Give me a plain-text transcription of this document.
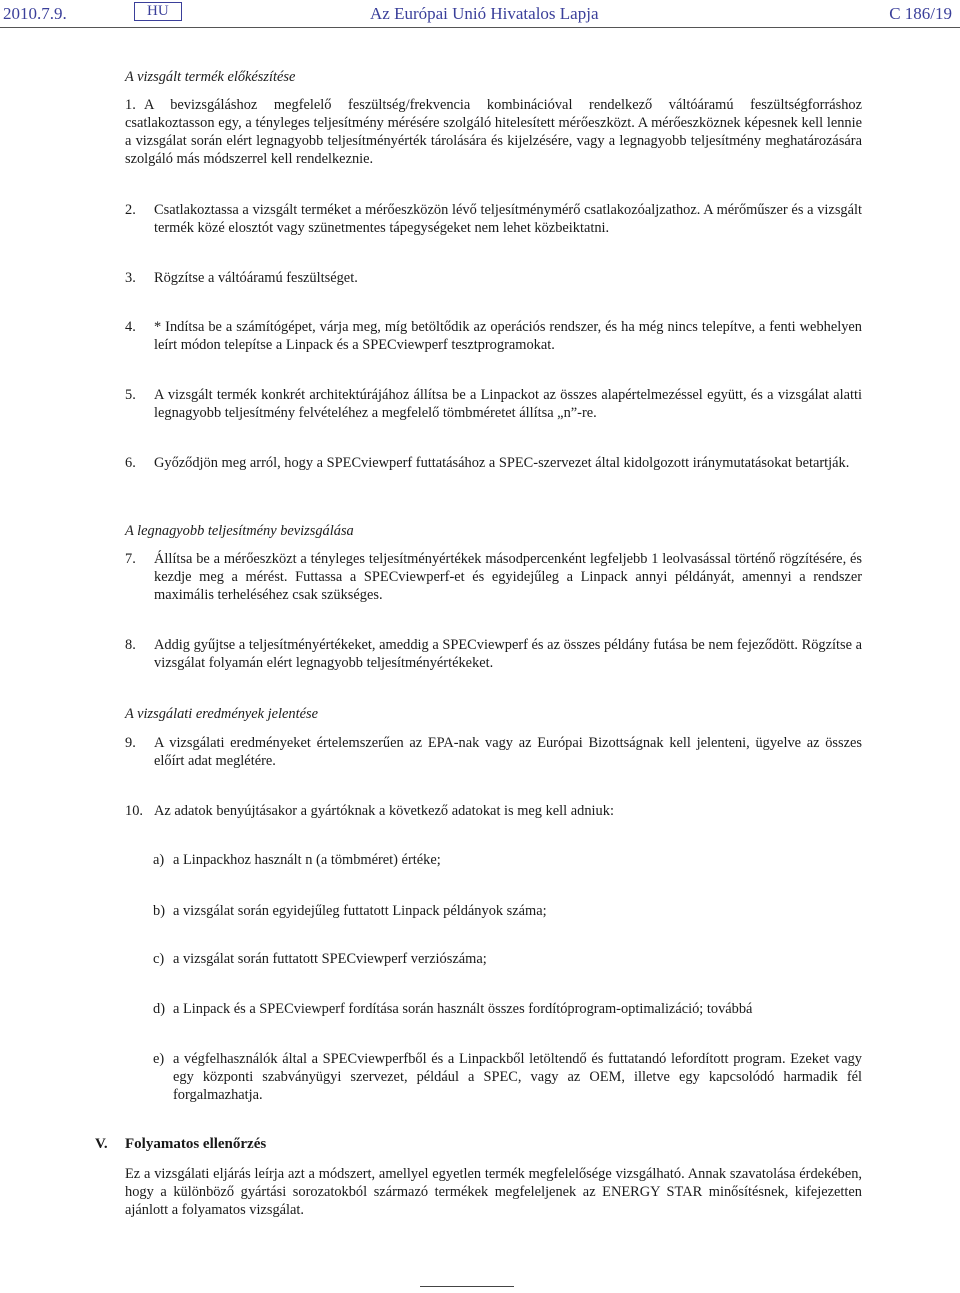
2010.7.9.	HU	Az Európai Unió Hivatalos Lapja	C 186/19
A vizsgált termék előkészítése
1. A bevizsgáláshoz megfelelő feszültség/frekvencia kombinációval rendelkező váltóáramú feszültségforráshoz csatlakoztasson egy, a tényleges teljesítmény mérésére szolgáló hitelesített mérőeszközt. A mérőeszköznek képesnek kell lennie a vizsgálat során elért legnagyobb teljesítményérték tárolására és kijelzésére, vagy a legnagyobb teljesítmény meghatározására szolgáló más módszerrel kell rendelkeznie.
2. Csatlakoztassa a vizsgált terméket a mérőeszközön lévő teljesítménymérő csatlakozóaljzathoz. A mérőműszer és a vizsgált termék közé elosztót vagy szünetmentes tápegységeket nem lehet közbeiktatni.
3. Rögzítse a váltóáramú feszültséget.
4. * Indítsa be a számítógépet, várja meg, míg betöltődik az operációs rendszer, és ha még nincs telepítve, a fenti webhelyen leírt módon telepítse a Linpack és a SPECviewperf tesztprogramokat.
5. A vizsgált termék konkrét architektúrájához állítsa be a Linpackot az összes alapértelmezéssel együtt, és a vizsgálat alatti legnagyobb teljesítmény felvételéhez a megfelelő tömbméretet állítsa „n”-re.
6. Győződjön meg arról, hogy a SPECviewperf futtatásához a SPEC-szervezet által kidolgozott iránymutatásokat betartják.
A legnagyobb teljesítmény bevizsgálása
7. Állítsa be a mérőeszközt a tényleges teljesítményértékek másodpercenként legfeljebb 1 leolvasással történő rögzítésére, és kezdje meg a mérést. Futtassa a SPECviewperf-et és egyidejűleg a Linpack annyi példányát, amennyi a rendszer maximális terheléséhez csak szükséges.
8. Addig gyűjtse a teljesítményértékeket, ameddig a SPECviewperf és az összes példány futása be nem fejeződött. Rögzítse a vizsgálat folyamán elért legnagyobb teljesítményértékeket.
A vizsgálati eredmények jelentése
9. A vizsgálati eredményeket értelemszerűen az EPA-nak vagy az Európai Bizottságnak kell jelenteni, ügyelve az összes előírt adat meglétére.
10. Az adatok benyújtásakor a gyártóknak a következő adatokat is meg kell adniuk:
a) a Linpackhoz használt n (a tömbméret) értéke;
b) a vizsgálat során egyidejűleg futtatott Linpack példányok száma;
c) a vizsgálat során futtatott SPECviewperf verziószáma;
d) a Linpack és a SPECviewperf fordítása során használt összes fordítóprogram-optimalizáció; továbbá
e) a végfelhasználók által a SPECviewperfből és a Linpackből letöltendő és futtatandó lefordított program. Ezeket vagy egy központi szabványügyi szervezet, például a SPEC, vagy az OEM, illetve egy kapcsolódó harmadik fél forgalmazhatja.
V. Folyamatos ellenőrzés
Ez a vizsgálati eljárás leírja azt a módszert, amellyel egyetlen termék megfelelősége vizsgálható. Annak szavatolása érdekében, hogy a különböző gyártási sorozatokból származó termékek megfeleljenek az ENERGY STAR minősítésnek, kifejezetten ajánlott a folyamatos vizsgálat.
